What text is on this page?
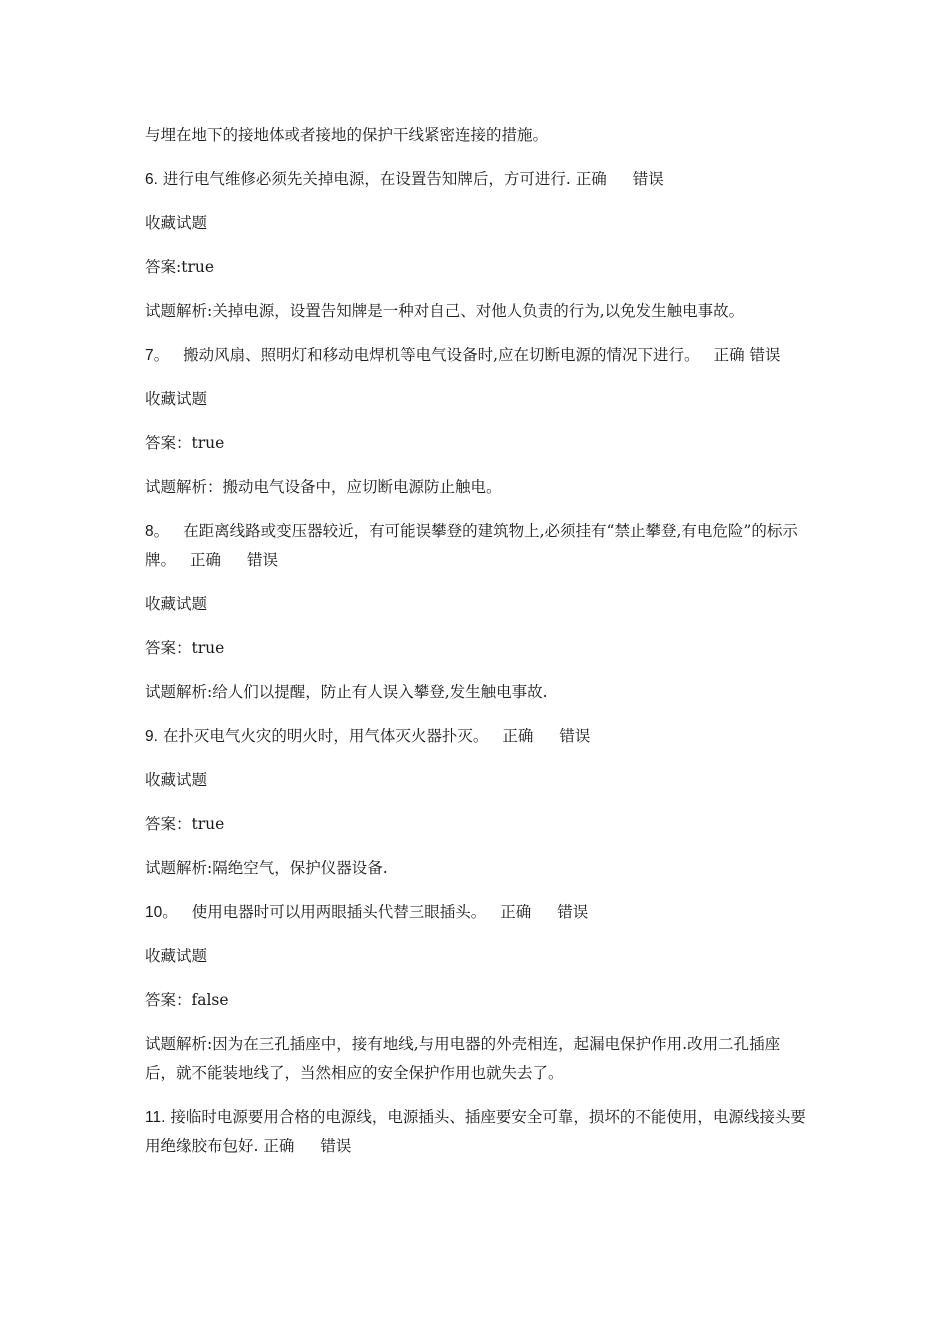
与埋在地下的接地体或者接地的保护干线紧密连接的措施。

6. 进行电气维修必须先关掉电源，在设置告知牌后，方可进行. 正确 错误

收藏试题

答案:true

试题解析:关掉电源，设置告知牌是一种对自己、对他人负责的行为,以免发生触电事故。

7。 搬动风扇、照明灯和移动电焊机等电气设备时,应在切断电源的情况下进行。 正确 错误

收藏试题

答案：true

试题解析：搬动电气设备中，应切断电源防止触电。

8。 在距离线路或变压器较近，有可能误攀登的建筑物上,必须挂有“禁止攀登,有电危险”的标示牌。 正确 错误

收藏试题

答案：true

试题解析:给人们以提醒，防止有人误入攀登,发生触电事故.

9. 在扑灭电气火灾的明火时，用气体灭火器扑灭。 正确 错误

收藏试题

答案：true

试题解析:隔绝空气，保护仪器设备.

10。 使用电器时可以用两眼插头代替三眼插头。 正确 错误

收藏试题

答案：false

试题解析:因为在三孔插座中，接有地线,与用电器的外壳相连，起漏电保护作用.改用二孔插座后，就不能装地线了，当然相应的安全保护作用也就失去了。

11. 接临时电源要用合格的电源线，电源插头、插座要安全可靠，损坏的不能使用，电源线接头要用绝缘胶布包好. 正确 错误
